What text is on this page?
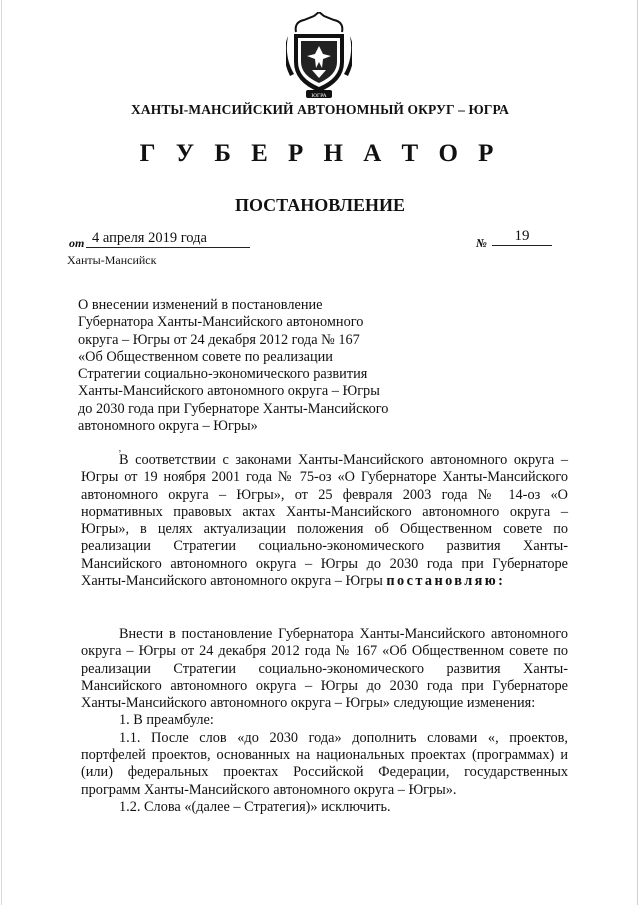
ЮГРА
ХАНТЫ-МАНСИЙСКИЙ АВТОНОМНЫЙ ОКРУГ – ЮГРА
Г У Б Е Р Н А Т О Р
ПОСТАНОВЛЕНИЕ
от 4 апреля 2019 года	№	19
Ханты-Мансийск
О внесении изменений в постановление
Губернатора Ханты-Мансийского автономного
округа – Югры от 24 декабря 2012 года № 167
«Об Общественном совете по реализации
Стратегии социально-экономического развития
Ханты-Мансийского автономного округа – Югры
до 2030 года при Губернаторе Ханты-Мансийского
автономного округа – Югры»
‚

В соответствии с законами Ханты-Мансийского автономного округа – Югры от 19 ноября 2001 года № 75-оз «О Губернаторе Ханты-Мансийского автономного округа – Югры», от 25 февраля 2003 года № 14-оз «О нормативных правовых актах Ханты-Мансийского автономного округа – Югры», в целях актуализации положения об Общественном совете по реализации Стратегии социально-экономического развития Ханты-Мансийского автономного округа – Югры до 2030 года при Губернаторе Ханты-Мансийского автономного округа – Югры постановляю:

Внести в постановление Губернатора Ханты-Мансийского автономного округа – Югры от 24 декабря 2012 года № 167 «Об Общественном совете по реализации Стратегии социально-экономического развития Ханты-Мансийского автономного округа – Югры до 2030 года при Губернаторе Ханты-Мансийского автономного округа – Югры» следующие изменения:

1. В преамбуле:

1.1. После слов «до 2030 года» дополнить словами «, проектов, портфелей проектов, основанных на национальных проектах (программах) и (или) федеральных проектах Российской Федерации, государственных программ Ханты-Мансийского автономного округа – Югры».

1.2. Слова «(далее – Стратегия)» исключить.
